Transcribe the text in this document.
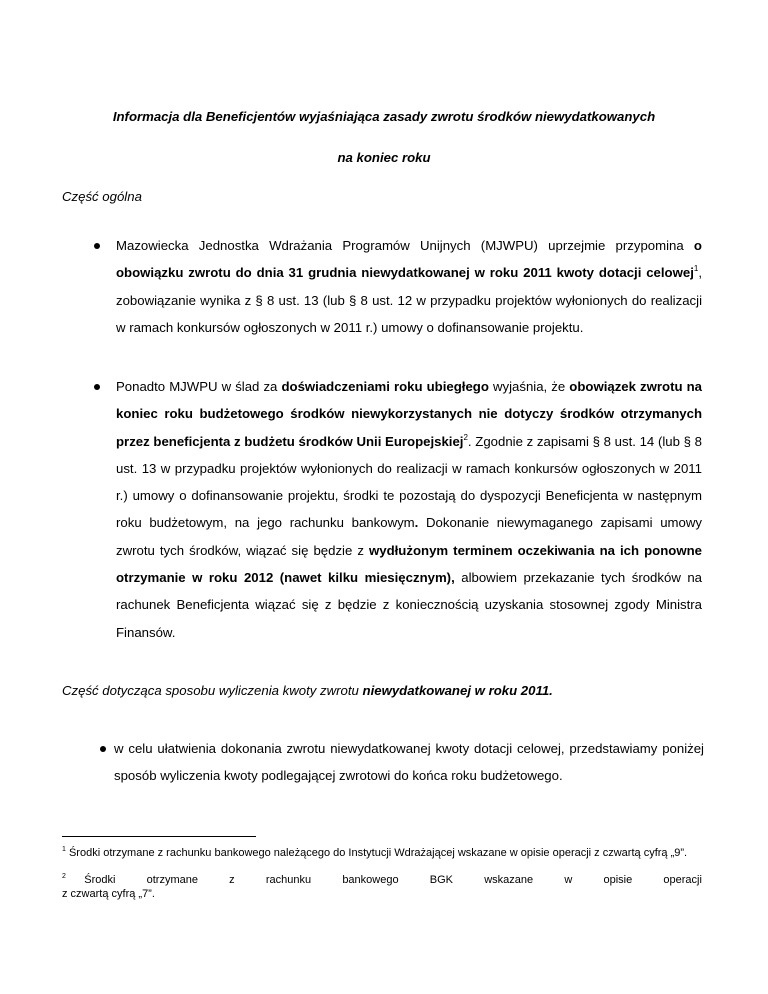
Informacja dla Beneficjentów wyjaśniająca zasady zwrotu środków niewydatkowanych
na koniec roku
Część ogólna
Mazowiecka Jednostka Wdrażania Programów Unijnych (MJWPU) uprzejmie przypomina o obowiązku zwrotu do dnia 31 grudnia niewydatkowanej w roku 2011 kwoty dotacji celowej$^1$, zobowiązanie wynika z § 8 ust. 13 (lub § 8 ust. 12 w przypadku projektów wyłonionych do realizacji w ramach konkursów ogłoszonych w 2011 r.) umowy o dofinansowanie projektu.
Ponadto MJWPU w ślad za doświadczeniami roku ubiegłego wyjaśnia, że obowiązek zwrotu na koniec roku budżetowego środków niewykorzystanych nie dotyczy środków otrzymanych przez beneficjenta z budżetu środków Unii Europejskiej$^2$. Zgodnie z zapisami § 8 ust. 14 (lub § 8 ust. 13 w przypadku projektów wyłonionych do realizacji w ramach konkursów ogłoszonych w 2011 r.) umowy o dofinansowanie projektu, środki te pozostają do dyspozycji Beneficjenta w następnym roku budżetowym, na jego rachunku bankowym. Dokonanie niewymaganego zapisami umowy zwrotu tych środków, wiązać się będzie z wydłużonym terminem oczekiwania na ich ponowne otrzymanie w roku 2012 (nawet kilku miesięcznym), albowiem przekazanie tych środków na rachunek Beneficjenta wiązać się z będzie z koniecznością uzyskania stosownej zgody Ministra Finansów.
Część dotycząca sposobu wyliczenia kwoty zwrotu niewydatkowanej w roku 2011.
w celu ułatwienia dokonania zwrotu niewydatkowanej kwoty dotacji celowej, przedstawiamy poniżej sposób wyliczenia kwoty podlegającej zwrotowi do końca roku budżetowego.
$^1$ Środki otrzymane z rachunku bankowego należącego do Instytucji Wdrażającej wskazane w opisie operacji z czwartą cyfrą „9”.
$^2$ Środki	otrzymane	z	rachunku	bankowego	BGK	wskazane	w	opisie	operacji
z czwartą cyfrą „7”.
